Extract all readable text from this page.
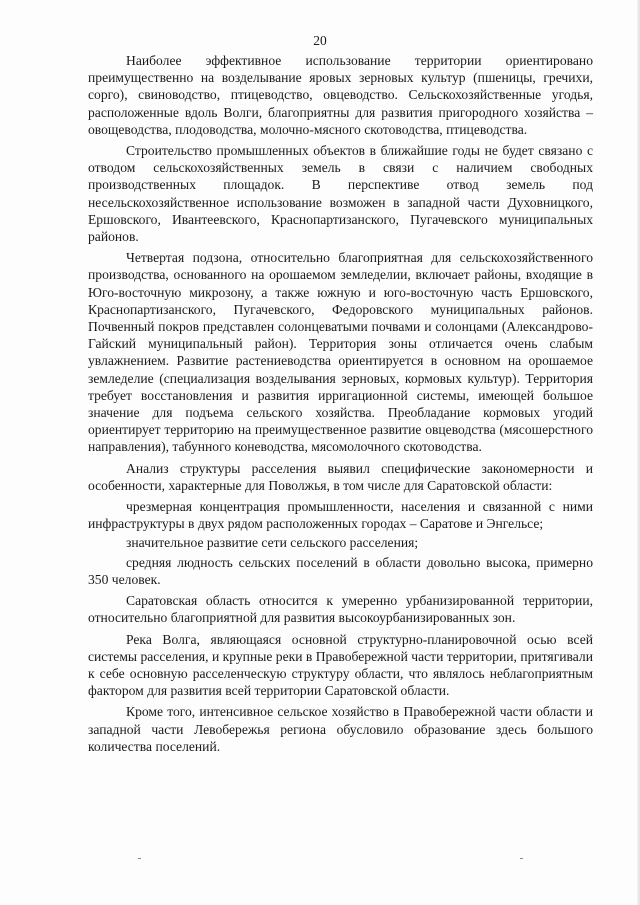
20

Наиболее эффективное использование территории ориентировано преимущественно на возделывание яровых зерновых культур (пшеницы, гречихи, сорго), свиноводство, птицеводство, овцеводство. Сельскохозяйственные угодья, расположенные вдоль Волги, благоприятны для развития пригородного хозяйства – овощеводства, плодоводства, молочно-мясного скотоводства, птицеводства.

Строительство промышленных объектов в ближайшие годы не будет связано с отводом сельскохозяйственных земель в связи с наличием свободных производственных площадок. В перспективе отвод земель под несельскохозяйственное использование возможен в западной части Духовницкого, Ершовского, Ивантеевского, Краснопартизанского, Пугачевского муниципальных районов.

Четвертая подзона, относительно благоприятная для сельскохозяйственного производства, основанного на орошаемом земледелии, включает районы, входящие в Юго-восточную микрозону, а также южную и юго-восточную часть Ершовского, Краснопартизанского, Пугачевского, Федоровского муниципальных районов. Почвенный покров представлен солонцеватыми почвами и солонцами (Александрово-Гайский муниципальный район). Территория зоны отличается очень слабым увлажнением. Развитие растениеводства ориентируется в основном на орошаемое земледелие (специализация возделывания зерновых, кормовых культур). Территория требует восстановления и развития ирригационной системы, имеющей большое значение для подъема сельского хозяйства. Преобладание кормовых угодий ориентирует территорию на преимущественное развитие овцеводства (мясошерстного направления), табунного коневодства, мясомолочного скотоводства.

Анализ структуры расселения выявил специфические закономерности и особенности, характерные для Поволжья, в том числе для Саратовской области:

чрезмерная концентрация промышленности, населения и связанной с ними инфраструктуры в двух рядом расположенных городах – Саратове и Энгельсе;

значительное развитие сети сельского расселения;

средняя людность сельских поселений в области довольно высока, примерно 350 человек.

Саратовская область относится к умеренно урбанизированной территории, относительно благоприятной для развития высокоурбанизированных зон.

Река Волга, являющаяся основной структурно-планировочной осью всей системы расселения, и крупные реки в Правобережной части территории, притягивали к себе основную расселенческую структуру области, что являлось неблагоприятным фактором для развития всей территории Саратовской области.

Кроме того, интенсивное сельское хозяйство в Правобережной части области и западной части Левобережья региона обусловило образование здесь большого количества поселений.
